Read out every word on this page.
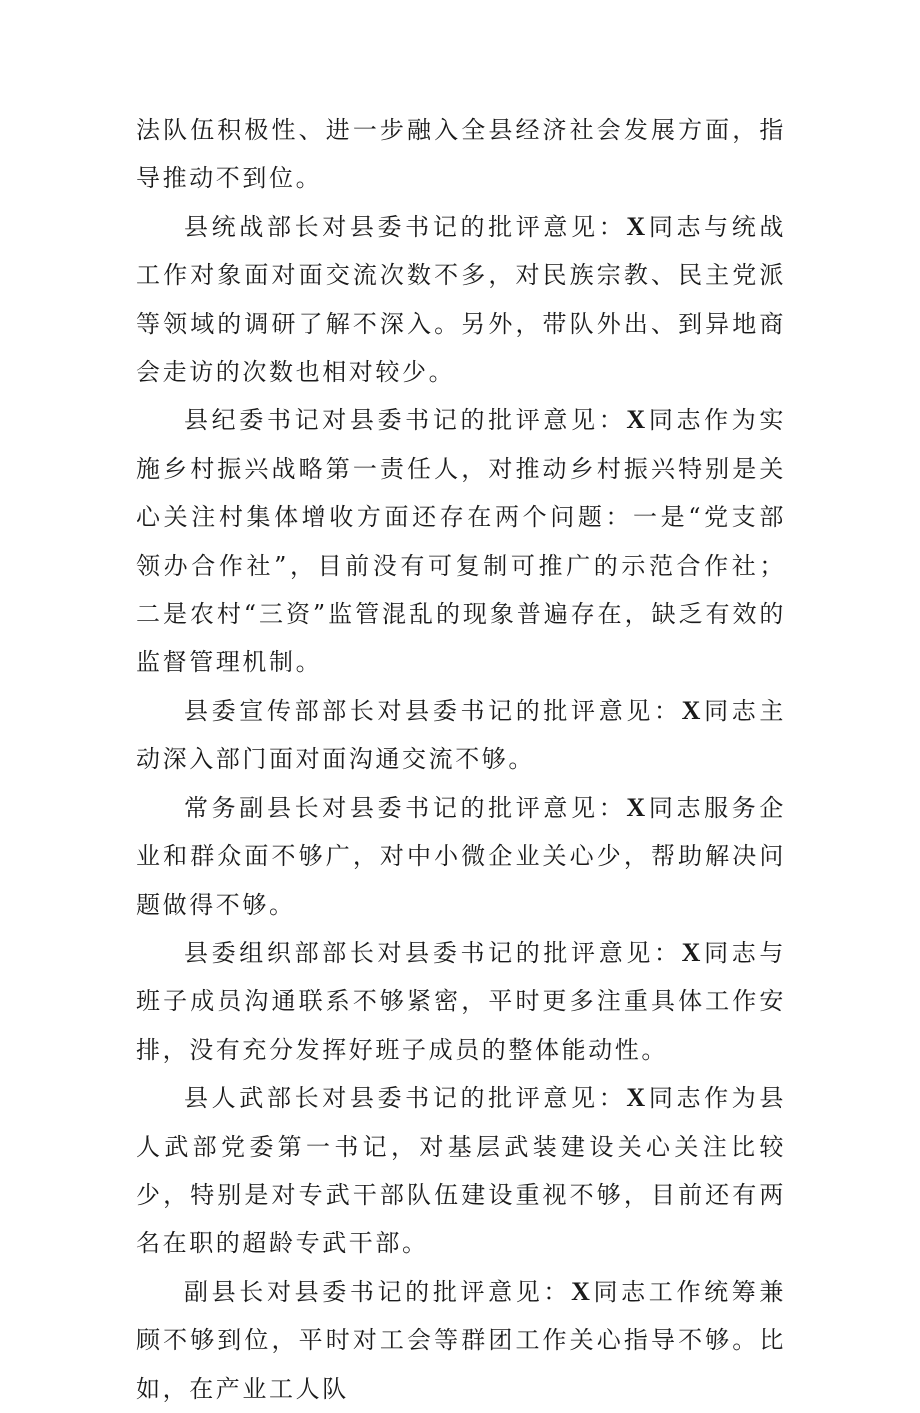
法队伍积极性、进一步融入全县经济社会发展方面，指导推动不到位。

县统战部长对县委书记的批评意见：X同志与统战工作对象面对面交流次数不多，对民族宗教、民主党派等领域的调研了解不深入。另外，带队外出、到异地商会走访的次数也相对较少。

县纪委书记对县委书记的批评意见：X同志作为实施乡村振兴战略第一责任人，对推动乡村振兴特别是关心关注村集体增收方面还存在两个问题：一是“党支部领办合作社”，目前没有可复制可推广的示范合作社；二是农村“三资”监管混乱的现象普遍存在，缺乏有效的监督管理机制。

县委宣传部部长对县委书记的批评意见：X同志主动深入部门面对面沟通交流不够。

常务副县长对县委书记的批评意见：X同志服务企业和群众面不够广，对中小微企业关心少，帮助解决问题做得不够。

县委组织部部长对县委书记的批评意见：X同志与班子成员沟通联系不够紧密，平时更多注重具体工作安排，没有充分发挥好班子成员的整体能动性。

县人武部长对县委书记的批评意见：X同志作为县人武部党委第一书记，对基层武装建设关心关注比较少，特别是对专武干部队伍建设重视不够，目前还有两名在职的超龄专武干部。

副县长对县委书记的批评意见：X同志工作统筹兼顾不够到位，平时对工会等群团工作关心指导不够。比如，在产业工人队
